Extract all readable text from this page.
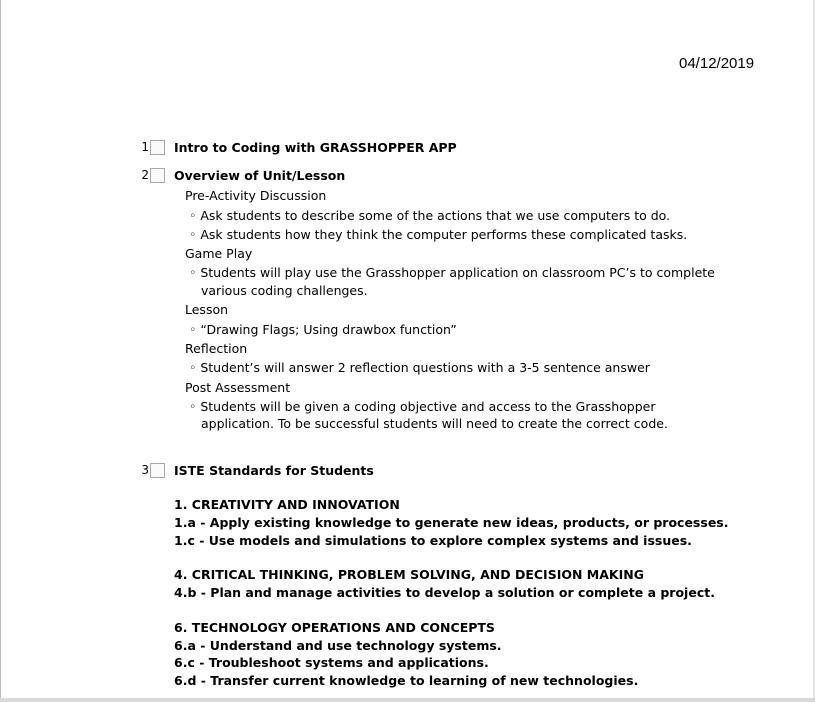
04/12/2019
1 Intro to Coding with GRASSHOPPER APP
2 Overview of Unit/Lesson
Pre-Activity Discussion
◦ Ask students to describe some of the actions that we use computers to do.
◦ Ask students how they think the computer performs these complicated tasks.
Game Play
◦ Students will play use the Grasshopper application on classroom PC’s to complete
various coding challenges.
Lesson
◦ “Drawing Flags; Using drawbox function”
Reflection
◦ Student’s will answer 2 reflection questions with a 3-5 sentence answer
Post Assessment
◦ Students will be given a coding objective and access to the Grasshopper
application. To be successful students will need to create the correct code.
3 ISTE Standards for Students
1. CREATIVITY AND INNOVATION
1.a - Apply existing knowledge to generate new ideas, products, or processes.
1.c - Use models and simulations to explore complex systems and issues.
4. CRITICAL THINKING, PROBLEM SOLVING, AND DECISION MAKING
4.b - Plan and manage activities to develop a solution or complete a project.
6. TECHNOLOGY OPERATIONS AND CONCEPTS
6.a - Understand and use technology systems.
6.c - Troubleshoot systems and applications.
6.d - Transfer current knowledge to learning of new technologies.
